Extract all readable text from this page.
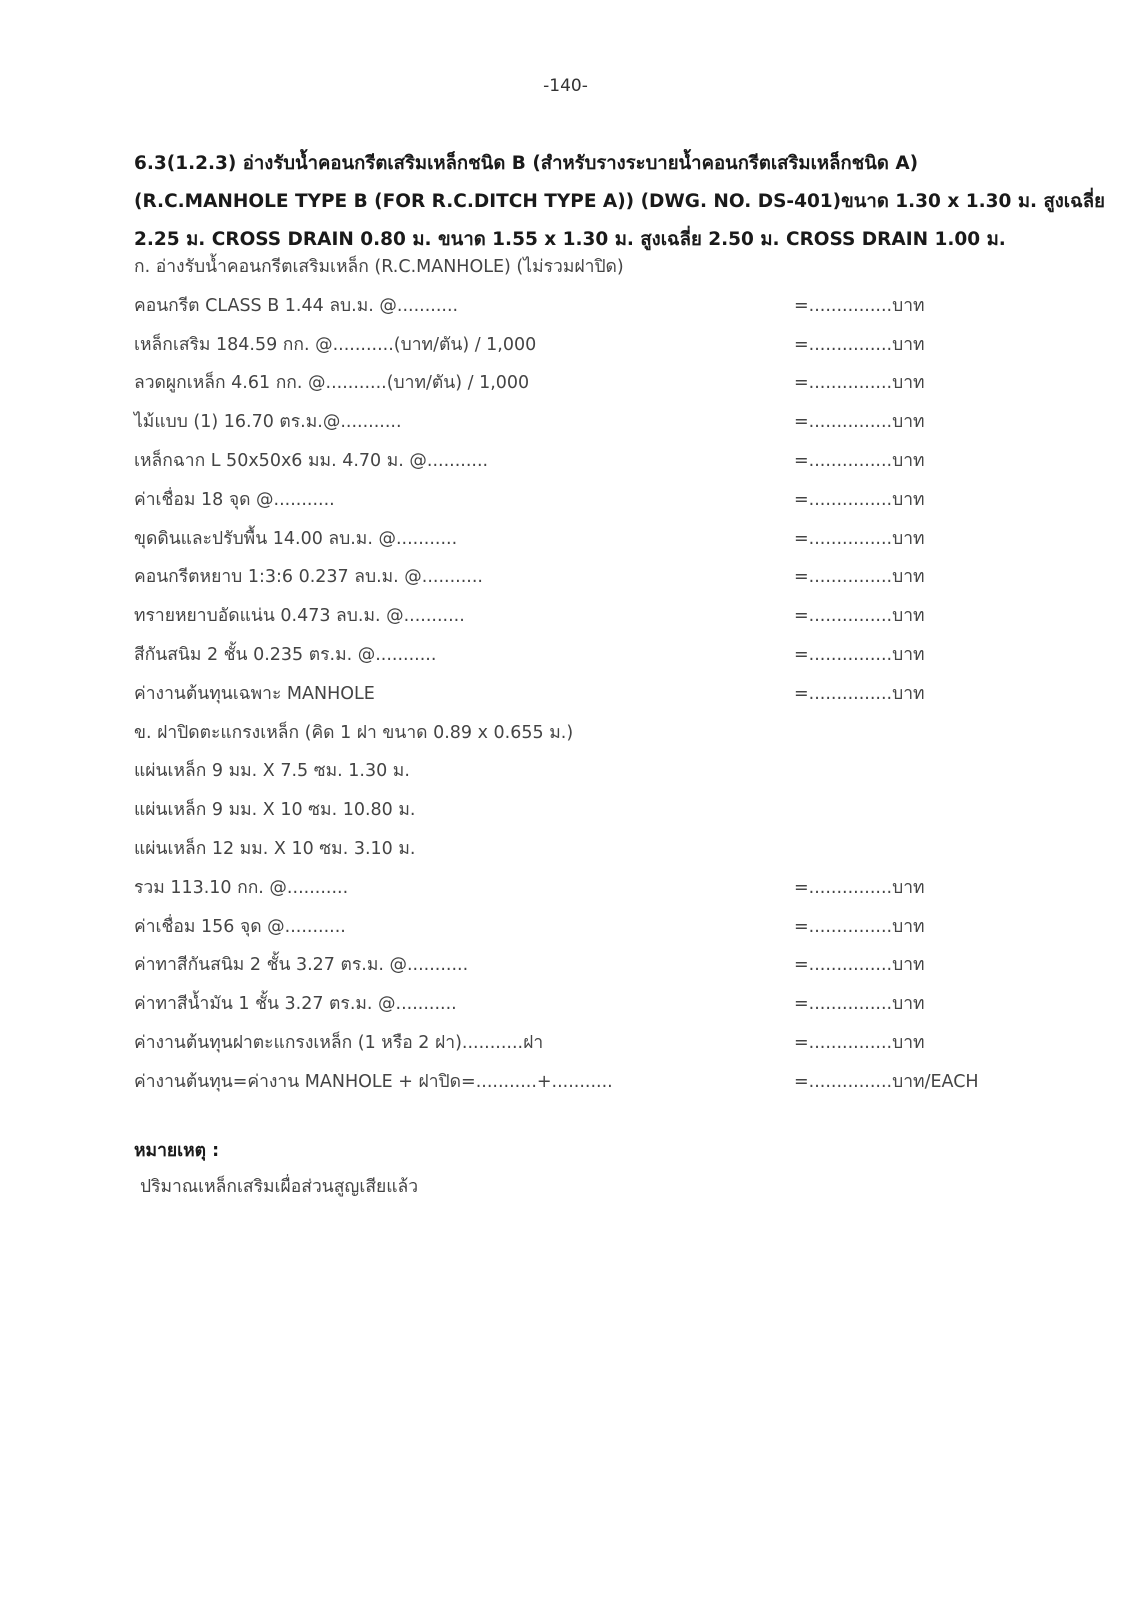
-140-
6.3(1.2.3) อ่างรับน้ำคอนกรีตเสริมเหล็กชนิด B (สำหรับรางระบายน้ำคอนกรีตเสริมเหล็กชนิด A)
(R.C.MANHOLE TYPE B (FOR R.C.DITCH TYPE A)) (DWG. NO. DS-401)ขนาด 1.30 x 1.30 ม. สูงเฉลี่ย
2.25 ม. CROSS DRAIN 0.80 ม. ขนาด 1.55 x 1.30 ม. สูงเฉลี่ย 2.50 ม. CROSS DRAIN 1.00 ม.
ก. อ่างรับน้ำคอนกรีตเสริมเหล็ก (R.C.MANHOLE) (ไม่รวมฝาปิด)
คอนกรีต CLASS B 1.44 ลบ.ม. @...........	=...............บาท
เหล็กเสริม 184.59 กก. @...........(บาท/ตัน) / 1,000	=...............บาท
ลวดผูกเหล็ก 4.61 กก. @...........(บาท/ตัน) / 1,000	=...............บาท
ไม้แบบ (1) 16.70 ตร.ม.@...........	=...............บาท
เหล็กฉาก L 50x50x6 มม. 4.70 ม. @...........	=...............บาท
ค่าเชื่อม 18 จุด @...........	=...............บาท
ขุดดินและปรับพื้น 14.00 ลบ.ม. @...........	=...............บาท
คอนกรีตหยาบ 1:3:6 0.237 ลบ.ม. @...........	=...............บาท
ทรายหยาบอัดแน่น 0.473 ลบ.ม. @...........	=...............บาท
สีกันสนิม 2 ชั้น 0.235 ตร.ม. @...........	=...............บาท
ค่างานต้นทุนเฉพาะ MANHOLE	=...............บาท
ข. ฝาปิดตะแกรงเหล็ก (คิด 1 ฝา ขนาด 0.89 x 0.655 ม.)
แผ่นเหล็ก 9 มม. X 7.5 ซม. 1.30 ม.
แผ่นเหล็ก 9 มม. X 10 ซม. 10.80 ม.
แผ่นเหล็ก 12 มม. X 10 ซม. 3.10 ม.
รวม 113.10 กก. @...........	=...............บาท
ค่าเชื่อม 156 จุด @...........	=...............บาท
ค่าทาสีกันสนิม 2 ชั้น 3.27 ตร.ม. @...........	=...............บาท
ค่าทาสีน้ำมัน 1 ชั้น 3.27 ตร.ม. @...........	=...............บาท
ค่างานต้นทุนฝาตะแกรงเหล็ก (1 หรือ 2 ฝา)...........ฝา	=...............บาท
ค่างานต้นทุน=ค่างาน MANHOLE + ฝาปิด=...........+...........	=...............บาท/EACH
หมายเหตุ :
ปริมาณเหล็กเสริมเผื่อส่วนสูญเสียแล้ว
